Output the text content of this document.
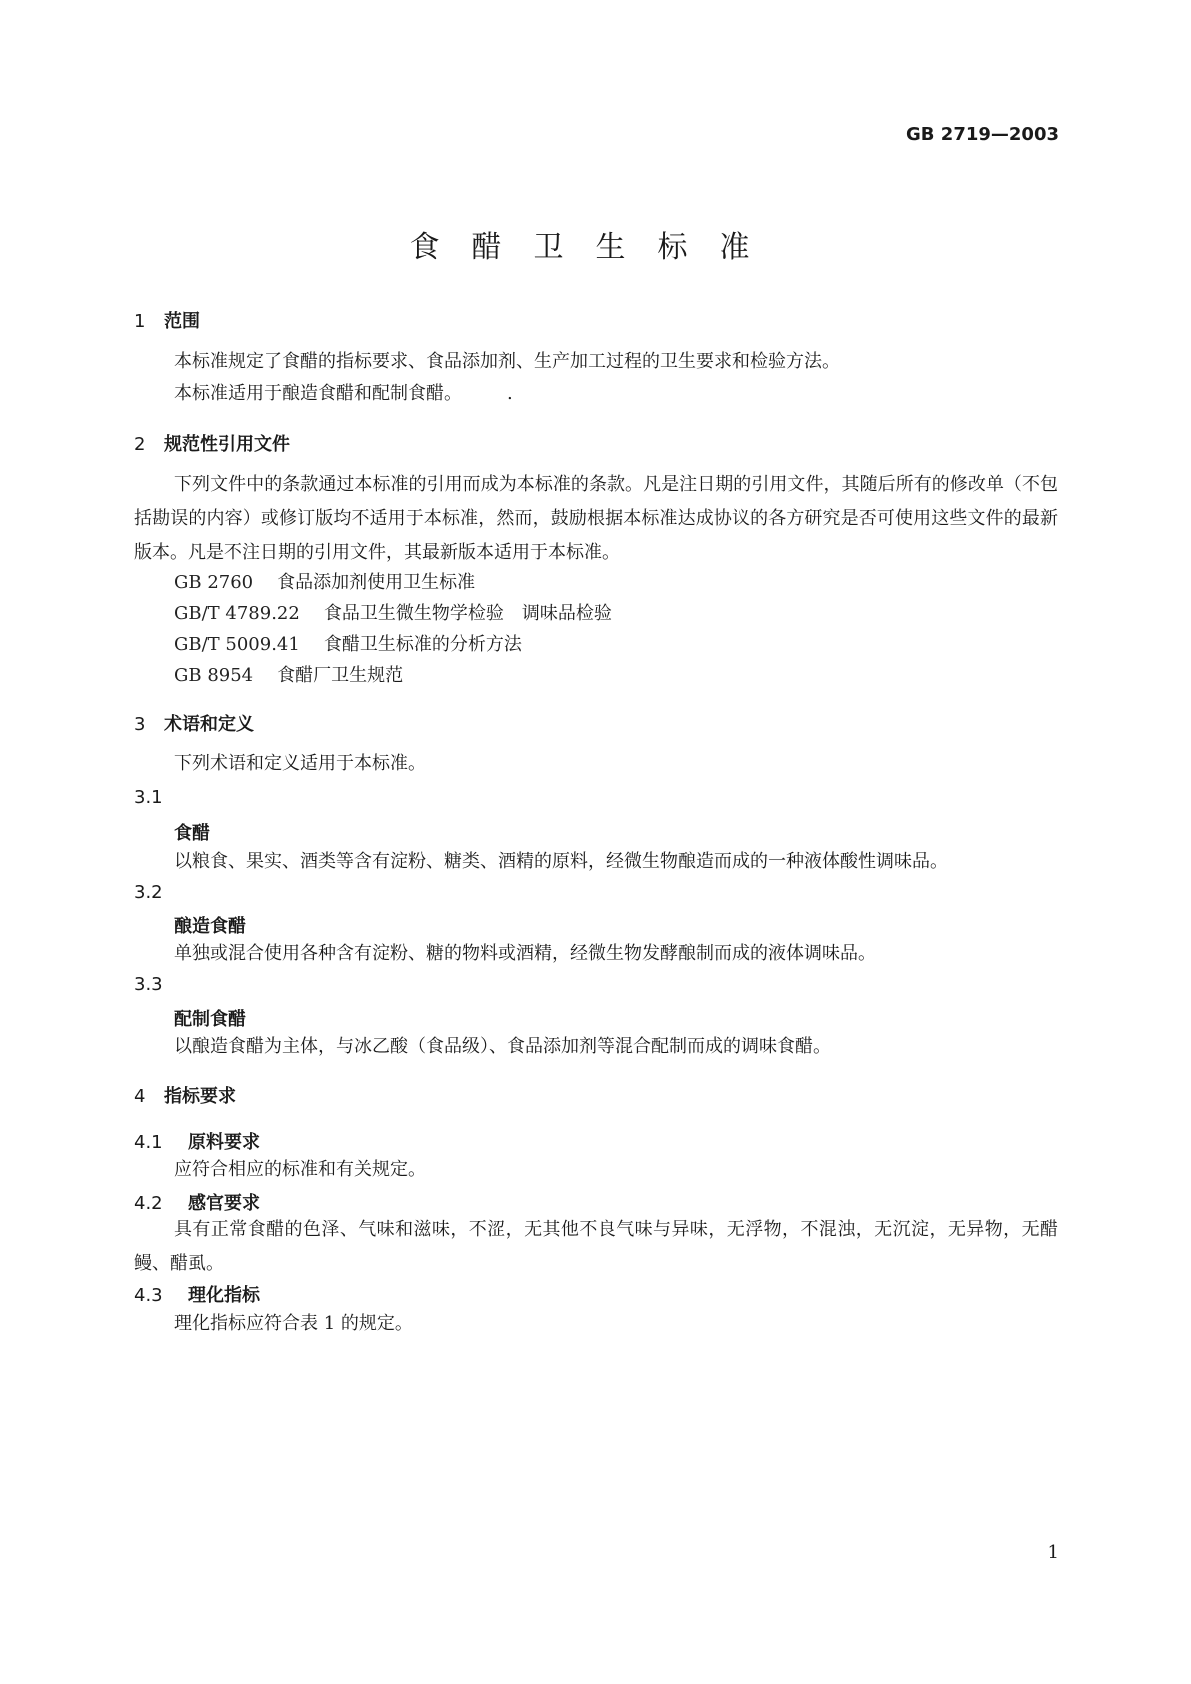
GB 2719—2003
食醋卫生标准
1 范围
本标准规定了食醋的指标要求、食品添加剂、生产加工过程的卫生要求和检验方法。
本标准适用于酿造食醋和配制食醋。　　　.
2 规范性引用文件
下列文件中的条款通过本标准的引用而成为本标准的条款。凡是注日期的引用文件，其随后所有的修改单（不包括勘误的内容）或修订版均不适用于本标准，然而，鼓励根据本标准达成协议的各方研究是否可使用这些文件的最新版本。凡是不注日期的引用文件，其最新版本适用于本标准。
GB 2760 食品添加剂使用卫生标准
GB/T 4789.22 食品卫生微生物学检验　调味品检验
GB/T 5009.41 食醋卫生标准的分析方法
GB 8954 食醋厂卫生规范
3 术语和定义
下列术语和定义适用于本标准。
3.1
食醋
以粮食、果实、酒类等含有淀粉、糖类、酒精的原料，经微生物酿造而成的一种液体酸性调味品。
3.2
酿造食醋
单独或混合使用各种含有淀粉、糖的物料或酒精，经微生物发酵酿制而成的液体调味品。
3.3
配制食醋
以酿造食醋为主体，与冰乙酸（食品级）、食品添加剂等混合配制而成的调味食醋。
4 指标要求
4.1 原料要求
应符合相应的标准和有关规定。
4.2 感官要求
具有正常食醋的色泽、气味和滋味，不涩，无其他不良气味与异味，无浮物，不混浊，无沉淀，无异物，无醋鳗、醋虱。
4.3 理化指标
理化指标应符合表 1 的规定。
1
